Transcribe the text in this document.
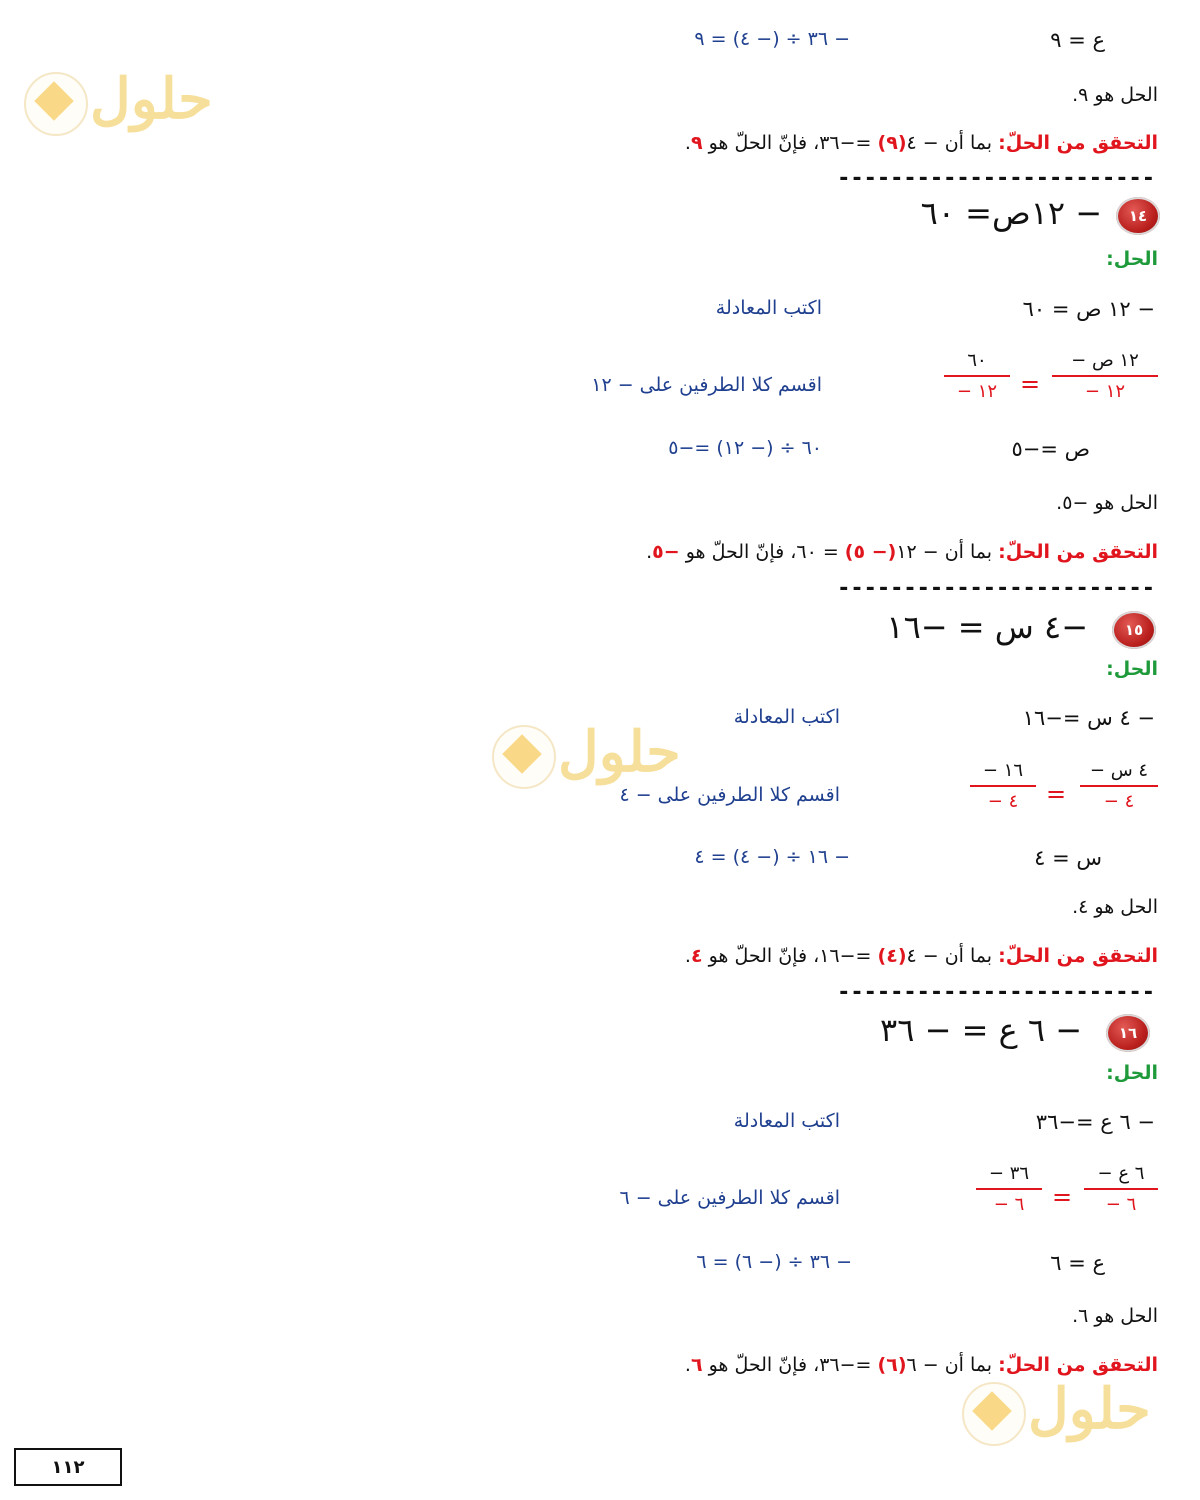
حلول
حلول
حلول
ع = ٩
− ٣٦ ÷ (− ٤) = ٩
الحل هو ٩.
التحقق من الحلّ: بما أن − ٤(٩) =−٣٦، فإنّ الحلّ هو ٩.
------------------------
١٤
− ١٢ص= ٦٠
الحل:
− ١٢ ص = ٦٠
اكتب المعادلة
− ١٢ ص
− ١٢
=
٦٠
− ١٢
اقسم كلا الطرفين على − ١٢
ص =−٥
٦٠ ÷ (− ١٢) =−٥
الحل هو −٥.
التحقق من الحلّ: بما أن − ١٢(− ٥) = ٦٠، فإنّ الحلّ هو −٥.
------------------------
١٥
−٤ س = −١٦
الحل:
− ٤ س =−١٦
اكتب المعادلة
− ٤ س
− ٤
=
− ١٦
− ٤
اقسم كلا الطرفين على − ٤
س = ٤
− ١٦ ÷ (− ٤) = ٤
الحل هو ٤.
التحقق من الحلّ: بما أن − ٤(٤) =−١٦، فإنّ الحلّ هو ٤.
------------------------
١٦
− ٦ ع = − ٣٦
الحل:
− ٦ ع =−٣٦
اكتب المعادلة
− ٦ ع
− ٦
=
− ٣٦
− ٦
اقسم كلا الطرفين على − ٦
ع = ٦
− ٣٦ ÷ (− ٦) = ٦
الحل هو ٦.
التحقق من الحلّ: بما أن − ٦(٦) =−٣٦، فإنّ الحلّ هو ٦.
١١٢
